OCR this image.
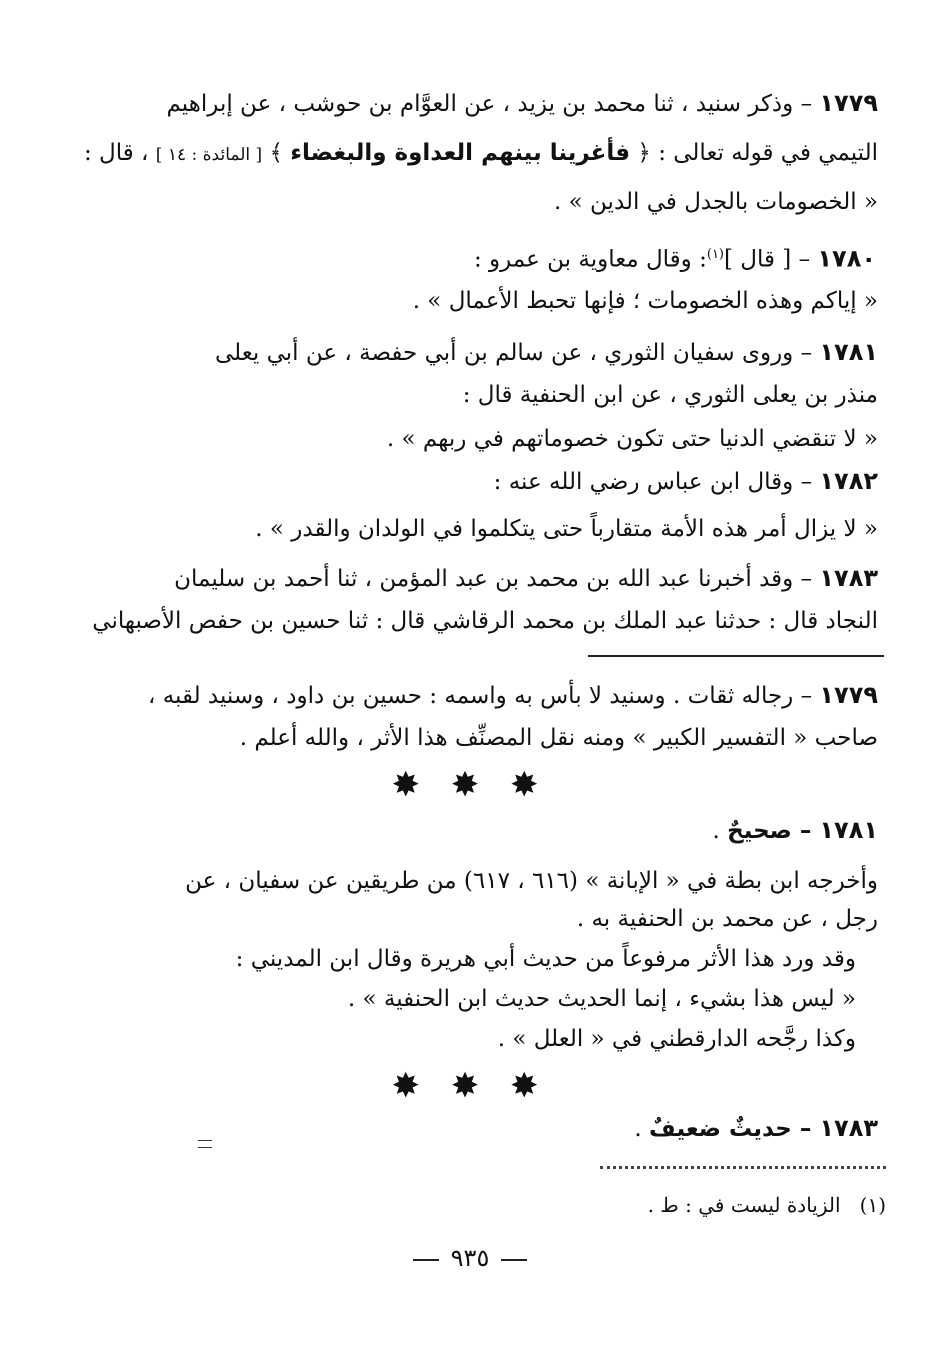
١٧٧٩ – وذكر سنيد ، ثنا محمد بن يزيد ، عن العوَّام بن حوشب ، عن إبراهيم
التيمي في قوله تعالى : ﴿ فأغرينا بينهم العداوة والبغضاء ﴾ [ المائدة : ١٤ ] ، قال :
« الخصومات بالجدل في الدين » .
١٧٨٠ – [ قال ]$^{(١)}$: وقال معاوية بن عمرو :
« إياكم وهذه الخصومات ؛ فإنها تحبط الأعمال » .
١٧٨١ – وروى سفيان الثوري ، عن سالم بن أبي حفصة ، عن أبي يعلى
منذر بن يعلى الثوري ، عن ابن الحنفية قال :
« لا تنقضي الدنيا حتى تكون خصوماتهم في ربهم » .
١٧٨٢ – وقال ابن عباس رضي الله عنه :
« لا يزال أمر هذه الأمة متقارباً حتى يتكلموا في الولدان والقدر » .
١٧٨٣ – وقد أخبرنا عبد الله بن محمد بن عبد المؤمن ، ثنا أحمد بن سليمان
النجاد قال : حدثنا عبد الملك بن محمد الرقاشي قال : ثنا حسين بن حفص الأصبهاني
١٧٧٩ – رجاله ثقات . وسنيد لا بأس به واسمه : حسين بن داود ، وسنيد لقبه ،
صاحب « التفسير الكبير » ومنه نقل المصنِّف هذا الأثر ، والله أعلم .
✸ ✸ ✸
١٧٨١ – صحيحٌ .
وأخرجه ابن بطة في « الإبانة » (٦١٦ ، ٦١٧) من طريقين عن سفيان ، عن
رجل ، عن محمد بن الحنفية به .
وقد ورد هذا الأثر مرفوعاً من حديث أبي هريرة وقال ابن المديني :
« ليس هذا بشيء ، إنما الحديث حديث ابن الحنفية » .
وكذا رجَّحه الدارقطني في « العلل » .
✸ ✸ ✸
١٧٨٣ – حديثٌ ضعيفٌ .
(١)   الزيادة ليست في : ط .
٩٣٥
